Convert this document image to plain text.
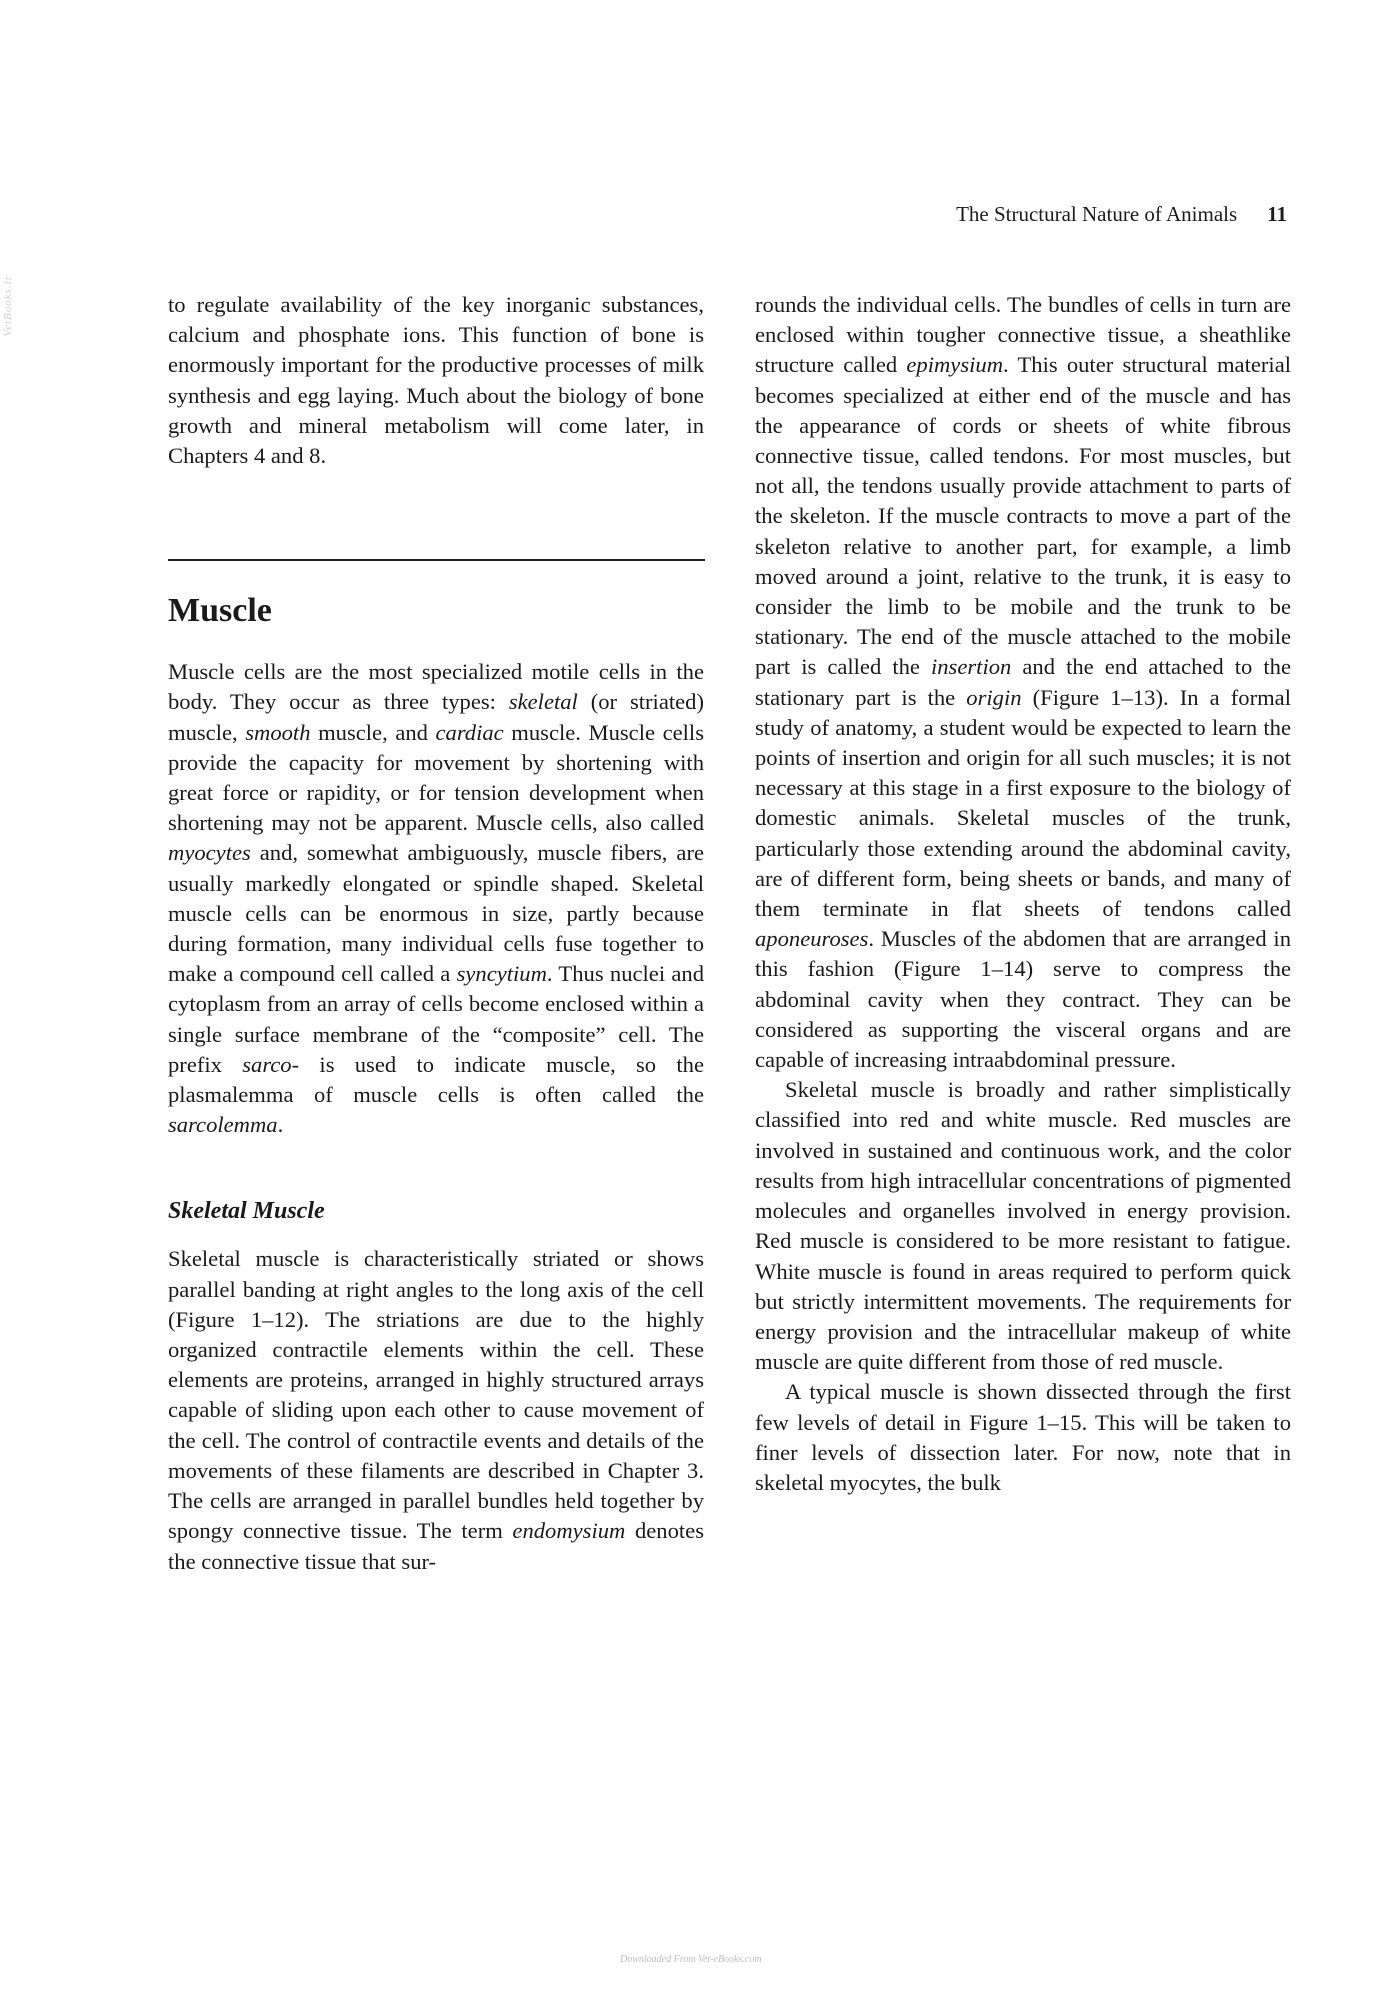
The Structural Nature of Animals 11
VetBooks.ir	to regulate availability of the key inorganic substances, calcium and phosphate ions. This function of bone is enormously important for the productive processes of milk synthesis and egg laying. Much about the biology of bone growth and mineral metabolism will come later, in Chapters 4 and 8.

Muscle

Muscle cells are the most specialized motile cells in the body. They occur as three types: skeletal (or striated) muscle, smooth muscle, and cardiac muscle. Muscle cells provide the capacity for movement by shortening with great force or rapidity, or for tension development when shortening may not be apparent. Muscle cells, also called myocytes and, somewhat ambiguously, muscle fibers, are usually markedly elongated or spindle shaped. Skeletal muscle cells can be enormous in size, partly because during formation, many individual cells fuse together to make a compound cell called a syncytium. Thus nuclei and cytoplasm from an array of cells become enclosed within a single surface membrane of the “composite” cell. The prefix sarco- is used to indicate muscle, so the plasmalemma of muscle cells is often called the sarcolemma.

Skeletal Muscle

Skeletal muscle is characteristically striated or shows parallel banding at right angles to the long axis of the cell (Figure 1–12). The striations are due to the highly organized contractile elements within the cell. These elements are proteins, arranged in highly structured arrays capable of sliding upon each other to cause movement of the cell. The control of contractile events and details of the movements of these filaments are described in Chapter 3. The cells are arranged in parallel bundles held together by spongy connective tissue. The term endomysium denotes the connective tissue that sur-

rounds the individual cells. The bundles of cells in turn are enclosed within tougher connective tissue, a sheathlike structure called epimysium. This outer structural material becomes specialized at either end of the muscle and has the appearance of cords or sheets of white fibrous connective tissue, called tendons. For most muscles, but not all, the tendons usually provide attachment to parts of the skeleton. If the muscle contracts to move a part of the skeleton relative to another part, for example, a limb moved around a joint, relative to the trunk, it is easy to consider the limb to be mobile and the trunk to be stationary. The end of the muscle attached to the mobile part is called the insertion and the end attached to the stationary part is the origin (Figure 1–13). In a formal study of anatomy, a student would be expected to learn the points of insertion and origin for all such muscles; it is not necessary at this stage in a first exposure to the biology of domestic animals. Skeletal muscles of the trunk, particularly those extending around the abdominal cavity, are of different form, being sheets or bands, and many of them terminate in flat sheets of tendons called aponeuroses. Muscles of the abdomen that are arranged in this fashion (Figure 1–14) serve to compress the abdominal cavity when they contract. They can be considered as supporting the visceral organs and are capable of increasing intraabdominal pressure.

Skeletal muscle is broadly and rather simplistically classified into red and white muscle. Red muscles are involved in sustained and continuous work, and the color results from high intracellular concentrations of pigmented molecules and organelles involved in energy provision. Red muscle is considered to be more resistant to fatigue. White muscle is found in areas required to perform quick but strictly intermittent movements. The requirements for energy provision and the intracellular makeup of white muscle are quite different from those of red muscle.

A typical muscle is shown dissected through the first few levels of detail in Figure 1–15. This will be taken to finer levels of dissection later. For now, note that in skeletal myocytes, the bulk

Downloaded From Vet-eBooks.com
